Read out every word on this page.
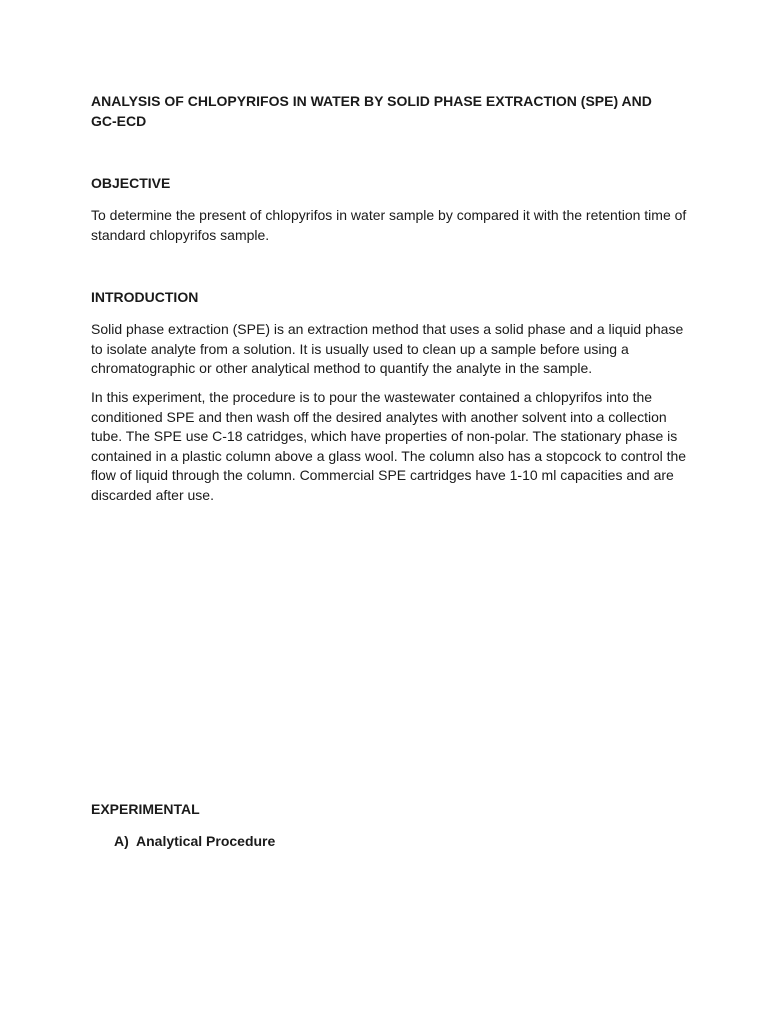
ANALYSIS OF CHLOPYRIFOS IN WATER BY SOLID PHASE EXTRACTION (SPE) AND GC-ECD

OBJECTIVE

To determine the present of chlopyrifos in water sample by compared it with the retention time of standard chlopyrifos sample.

INTRODUCTION

Solid phase extraction (SPE) is an extraction method that uses a solid phase and a liquid phase to isolate analyte from a solution. It is usually used to clean up a sample before using a chromatographic or other analytical method to quantify the analyte in the sample.

In this experiment, the procedure is to pour the wastewater contained a chlopyrifos into the conditioned SPE and then wash off the desired analytes with another solvent into a collection tube. The SPE use C-18 catridges, which have properties of non-polar. The stationary phase is contained in a plastic column above a glass wool. The column also has a stopcock to control the flow of liquid through the column. Commercial SPE cartridges have 1-10 ml capacities and are discarded after use.

EXPERIMENTAL

A) Analytical Procedure
